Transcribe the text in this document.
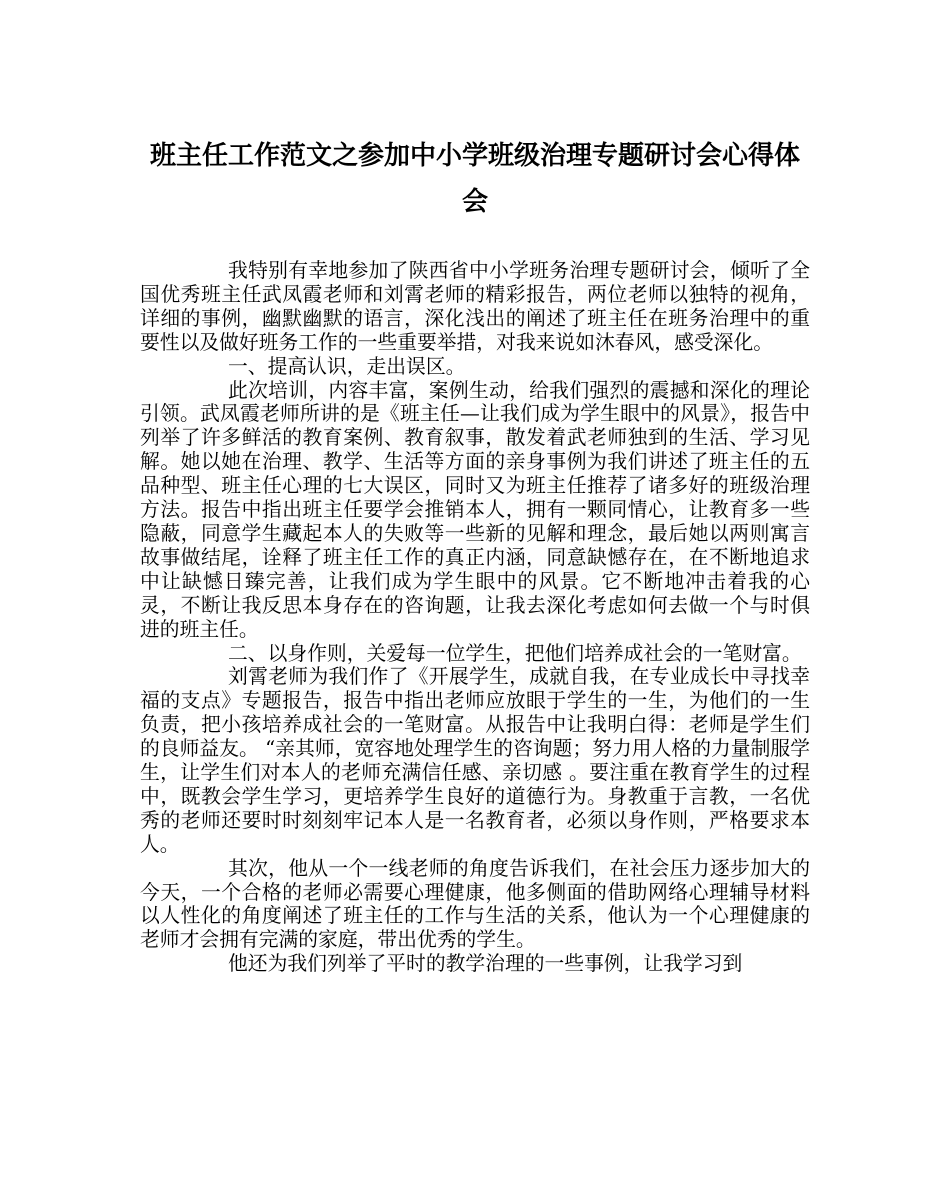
班主任工作范文之参加中小学班级治理专题研讨会心得体会

我特别有幸地参加了陕西省中小学班务治理专题研讨会，倾听了全国优秀班主任武凤霞老师和刘霄老师的精彩报告，两位老师以独特的视角，详细的事例，幽默幽默的语言，深化浅出的阐述了班主任在班务治理中的重要性以及做好班务工作的一些重要举措，对我来说如沐春风，感受深化。

一、提高认识，走出误区。

此次培训，内容丰富，案例生动，给我们强烈的震撼和深化的理论引领。武凤霞老师所讲的是《班主任—让我们成为学生眼中的风景》，报告中列举了许多鲜活的教育案例、教育叙事，散发着武老师独到的生活、学习见解。她以她在治理、教学、生活等方面的亲身事例为我们讲述了班主任的五品种型、班主任心理的七大误区，同时又为班主任推荐了诸多好的班级治理方法。报告中指出班主任要学会推销本人，拥有一颗同情心，让教育多一些隐蔽，同意学生藏起本人的失败等一些新的见解和理念，最后她以两则寓言故事做结尾，诠释了班主任工作的真正内涵，同意缺憾存在，在不断地追求中让缺憾日臻完善，让我们成为学生眼中的风景。它不断地冲击着我的心灵，不断让我反思本身存在的咨询题，让我去深化考虑如何去做一个与时俱进的班主任。

二、以身作则，关爱每一位学生，把他们培养成社会的一笔财富。

刘霄老师为我们作了《开展学生，成就自我，在专业成长中寻找幸福的支点》专题报告，报告中指出老师应放眼于学生的一生，为他们的一生负责，把小孩培养成社会的一笔财富。从报告中让我明白得：老师是学生们的良师益友。 “亲其师，宽容地处理学生的咨询题；努力用人格的力量制服学生，让学生们对本人的老师充满信任感、亲切感 。要注重在教育学生的过程中，既教会学生学习，更培养学生良好的道德行为。身教重于言教，一名优秀的老师还要时时刻刻牢记本人是一名教育者，必须以身作则，严格要求本人。

其次，他从一个一线老师的角度告诉我们，在社会压力逐步加大的今天，一个合格的老师必需要心理健康，他多侧面的借助网络心理辅导材料以人性化的角度阐述了班主任的工作与生活的关系，他认为一个心理健康的老师才会拥有完满的家庭，带出优秀的学生。

他还为我们列举了平时的教学治理的一些事例，让我学习到
